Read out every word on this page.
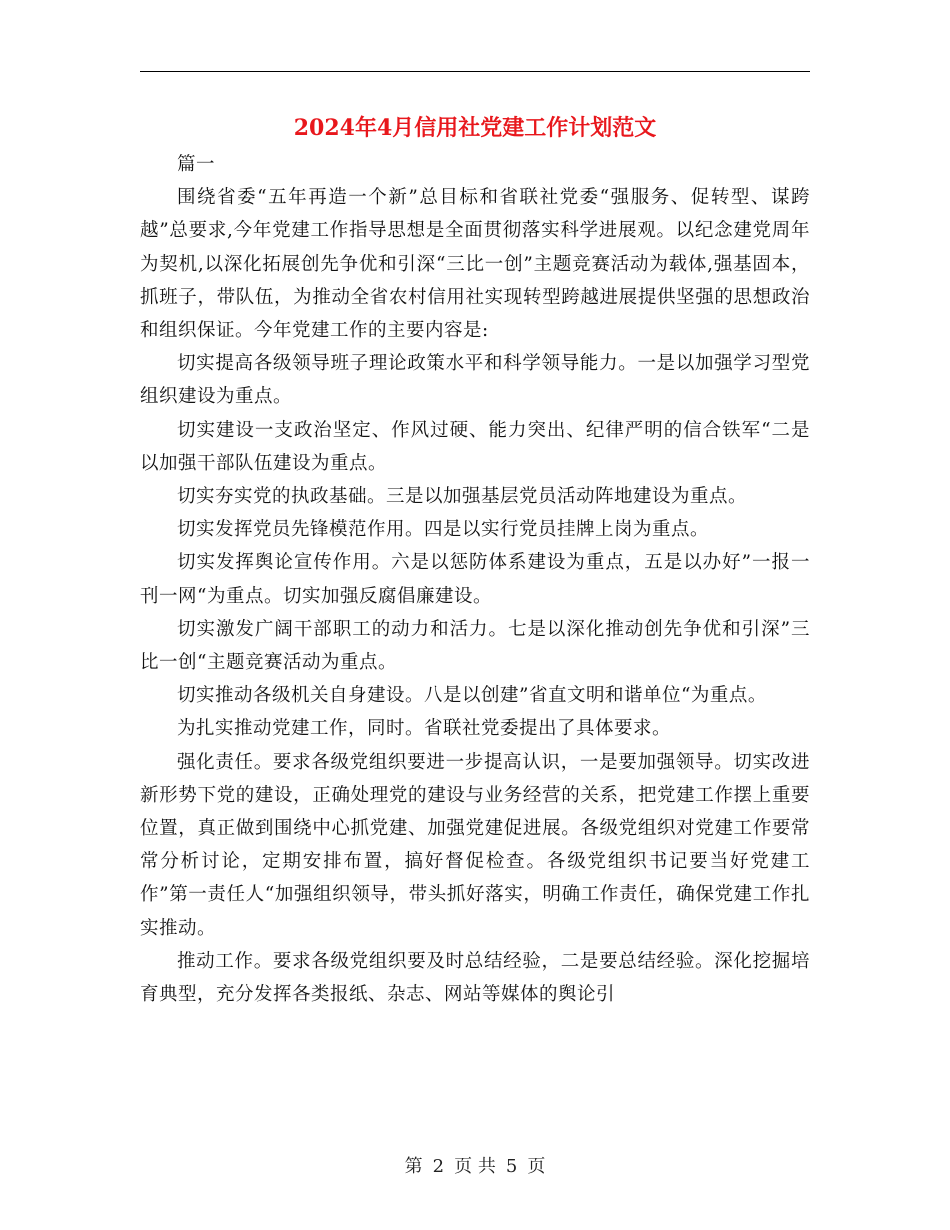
2024年4月信用社党建工作计划范文

篇一

围绕省委“五年再造一个新”总目标和省联社党委“强服务、促转型、谋跨越”总要求,今年党建工作指导思想是全面贯彻落实科学进展观。以纪念建党周年为契机,以深化拓展创先争优和引深“三比一创”主题竞赛活动为载体,强基固本，抓班子，带队伍，为推动全省农村信用社实现转型跨越进展提供坚强的思想政治和组织保证。今年党建工作的主要内容是:

切实提高各级领导班子理论政策水平和科学领导能力。一是以加强学习型党组织建设为重点。

切实建设一支政治坚定、作风过硬、能力突出、纪律严明的信合铁军“二是以加强干部队伍建设为重点。

切实夯实党的执政基础。三是以加强基层党员活动阵地建设为重点。

切实发挥党员先锋模范作用。四是以实行党员挂牌上岗为重点。

切实发挥舆论宣传作用。六是以惩防体系建设为重点，五是以办好”一报一刊一网“为重点。切实加强反腐倡廉建设。

切实激发广阔干部职工的动力和活力。七是以深化推动创先争优和引深”三比一创“主题竞赛活动为重点。

切实推动各级机关自身建设。八是以创建”省直文明和谐单位“为重点。

为扎实推动党建工作，同时。省联社党委提出了具体要求。

强化责任。要求各级党组织要进一步提高认识，一是要加强领导。切实改进新形势下党的建设，正确处理党的建设与业务经营的关系，把党建工作摆上重要位置，真正做到围绕中心抓党建、加强党建促进展。各级党组织对党建工作要常常分析讨论，定期安排布置，搞好督促检查。各级党组织书记要当好党建工作”第一责任人“加强组织领导，带头抓好落实，明确工作责任，确保党建工作扎实推动。

推动工作。要求各级党组织要及时总结经验，二是要总结经验。深化挖掘培育典型，充分发挥各类报纸、杂志、网站等媒体的舆论引

第 2 页 共 5 页
